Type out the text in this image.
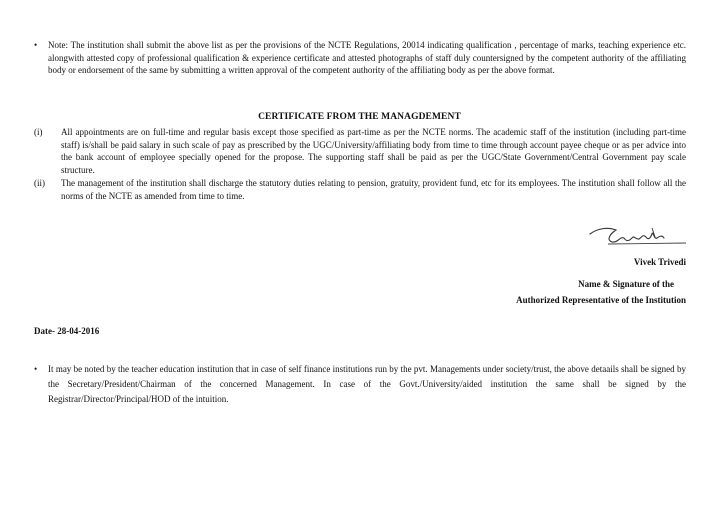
• Note: The institution shall submit the above list as per the provisions of the NCTE Regulations, 20014 indicating qualification , percentage of marks, teaching experience etc. alongwith attested copy of professional qualification & experience certificate and attested photographs of staff duly countersigned by the competent authority of the affiliating body or endorsement of the same by submitting a written approval of the competent authority of the affiliating body as per the above format.
CERTIFICATE FROM THE MANAGDEMENT
(i) All appointments are on full-time and regular basis except those specified as part-time as per the NCTE norms. The academic staff of the institution (including part-time staff) is/shall be paid salary in such scale of pay as prescribed by the UGC/University/affiliating body from time to time through account payee cheque or as per advice into the bank account of employee specially opened for the propose. The supporting staff shall be paid as per the UGC/State Government/Central Government pay scale structure.
(ii) The management of the institution shall discharge the statutory duties relating to pension, gratuity, provident fund, etc for its employees. The institution shall follow all the norms of the NCTE as amended from time to time.
Vivek Trivedi
Name & Signature of the
Authorized Representative of the Institution
Date- 28-04-2016
• It may be noted by the teacher education institution that in case of self finance institutions run by the pvt. Managements under society/trust, the above detaails shall be signed by the Secretary/President/Chairman of the concerned Management. In case of the Govt./University/aided institution the same shall be signed by the Registrar/Director/Principal/HOD of the intuition.
